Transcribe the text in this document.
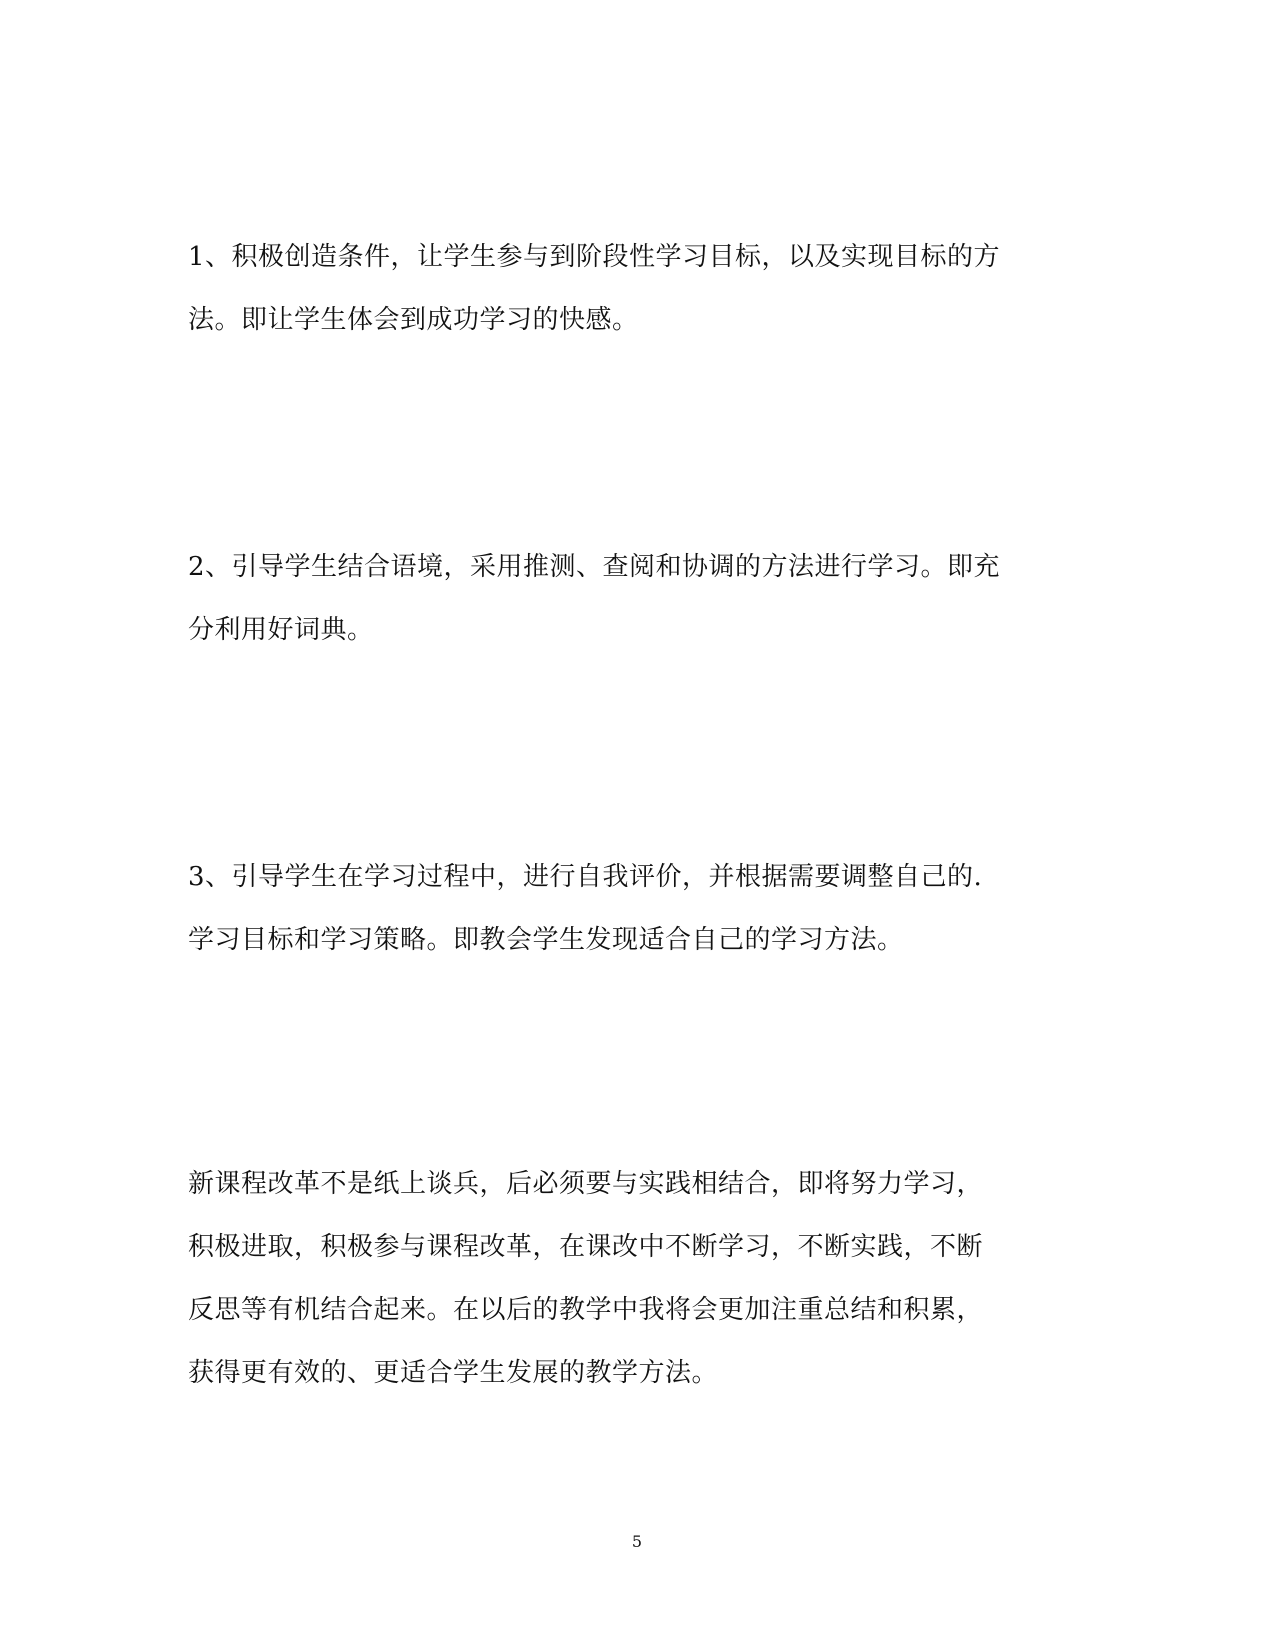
1、积极创造条件，让学生参与到阶段性学习目标，以及实现目标的方
法。即让学生体会到成功学习的快感。
2、引导学生结合语境，采用推测、查阅和协调的方法进行学习。即充
分利用好词典。
3、引导学生在学习过程中，进行自我评价，并根据需要调整自己的.
学习目标和学习策略。即教会学生发现适合自己的学习方法。
新课程改革不是纸上谈兵，后必须要与实践相结合，即将努力学习，
积极进取，积极参与课程改革，在课改中不断学习，不断实践，不断
反思等有机结合起来。在以后的教学中我将会更加注重总结和积累，
获得更有效的、更适合学生发展的教学方法。
5
